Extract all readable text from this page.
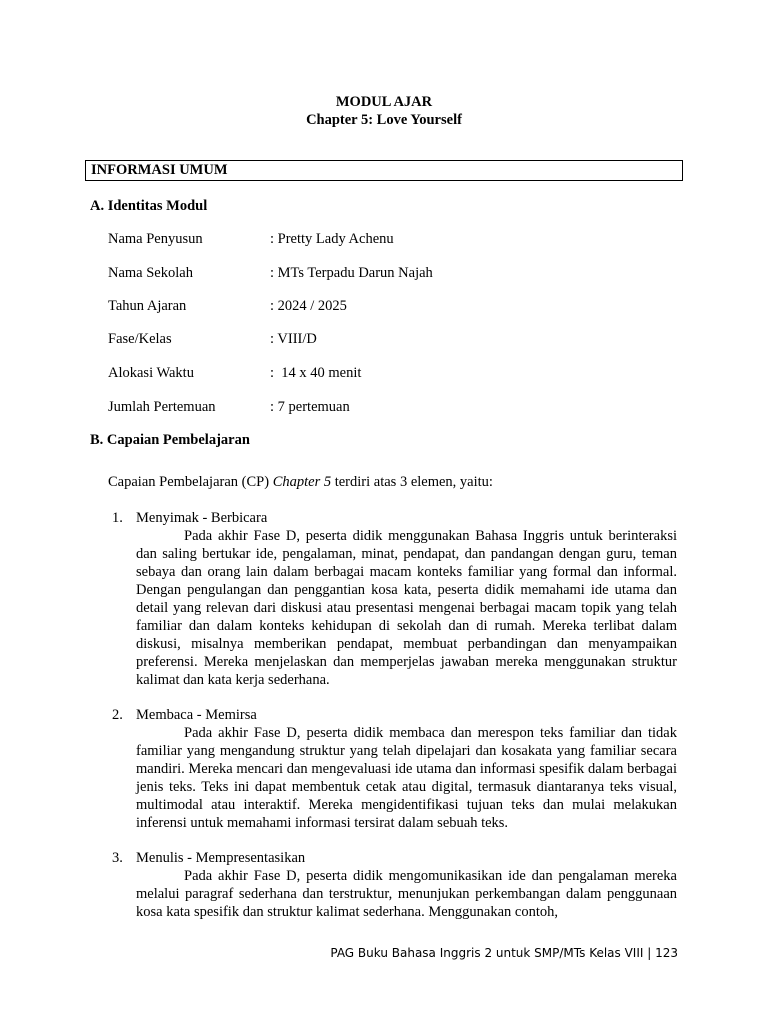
MODUL AJAR
Chapter 5: Love Yourself
INFORMASI UMUM
A. Identitas Modul
Nama Penyusun	: Pretty Lady Achenu
Nama Sekolah	: MTs Terpadu Darun Najah
Tahun Ajaran	: 2024 / 2025
Fase/Kelas	: VIII/D
Alokasi Waktu	:  14 x 40 menit
Jumlah Pertemuan	: 7 pertemuan
B. Capaian Pembelajaran
Capaian Pembelajaran (CP) Chapter 5 terdiri atas 3 elemen, yaitu:
1. Menyimak - Berbicara
Pada akhir Fase D, peserta didik menggunakan Bahasa Inggris untuk berinteraksi dan saling bertukar ide, pengalaman, minat, pendapat, dan pandangan dengan guru, teman sebaya dan orang lain dalam berbagai macam konteks familiar yang formal dan informal. Dengan pengulangan dan penggantian kosa kata, peserta didik memahami ide utama dan detail yang relevan dari diskusi atau presentasi mengenai berbagai macam topik yang telah familiar dan dalam konteks kehidupan di sekolah dan di rumah. Mereka terlibat dalam diskusi, misalnya memberikan pendapat, membuat perbandingan dan menyampaikan preferensi. Mereka menjelaskan dan memperjelas jawaban mereka menggunakan struktur kalimat dan kata kerja sederhana.
2. Membaca - Memirsa
Pada akhir Fase D, peserta didik membaca dan merespon teks familiar dan tidak familiar yang mengandung struktur yang telah dipelajari dan kosakata yang familiar secara mandiri. Mereka mencari dan mengevaluasi ide utama dan informasi spesifik dalam berbagai jenis teks. Teks ini dapat membentuk cetak atau digital, termasuk diantaranya teks visual, multimodal atau interaktif. Mereka mengidentifikasi tujuan teks dan mulai melakukan inferensi untuk memahami informasi tersirat dalam sebuah teks.
3. Menulis - Mempresentasikan
Pada akhir Fase D, peserta didik mengomunikasikan ide dan pengalaman mereka melalui paragraf sederhana dan terstruktur, menunjukan perkembangan dalam penggunaan kosa kata spesifik dan struktur kalimat sederhana. Menggunakan contoh,
PAG Buku Bahasa Inggris 2 untuk SMP/MTs Kelas VIII | 123
